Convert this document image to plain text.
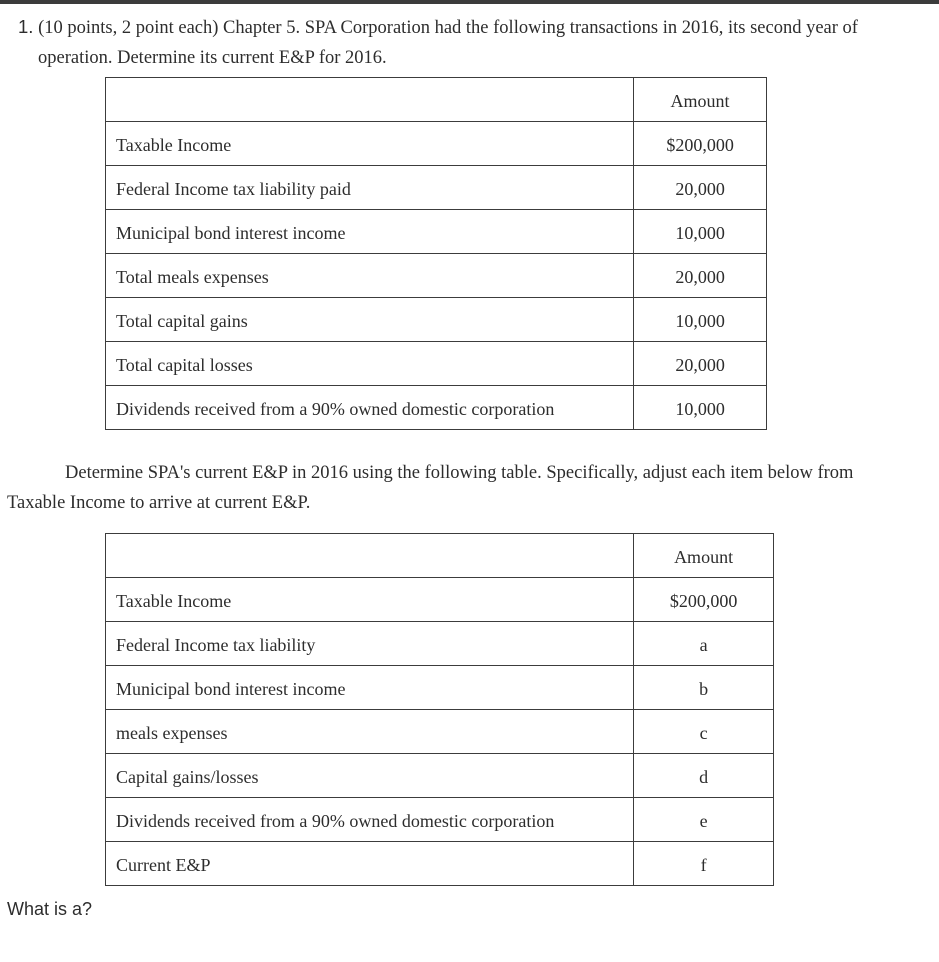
1. (10 points, 2 point each) Chapter 5. SPA Corporation had the following transactions in 2016, its second year of
operation. Determine its current E&P for 2016.
	Amount
Taxable Income	$200,000
Federal Income tax liability paid	20,000
Municipal bond interest income	10,000
Total meals expenses	20,000
Total capital gains	10,000
Total capital losses	20,000
Dividends received from a 90% owned domestic corporation	10,000
Determine SPA's current E&P in 2016 using the following table. Specifically, adjust each item below from
Taxable Income to arrive at current E&P.
	Amount
Taxable Income	$200,000
Federal Income tax liability	a
Municipal bond interest income	b
meals expenses	c
Capital gains/losses	d
Dividends received from a 90% owned domestic corporation	e
Current E&P	f
What is a?
